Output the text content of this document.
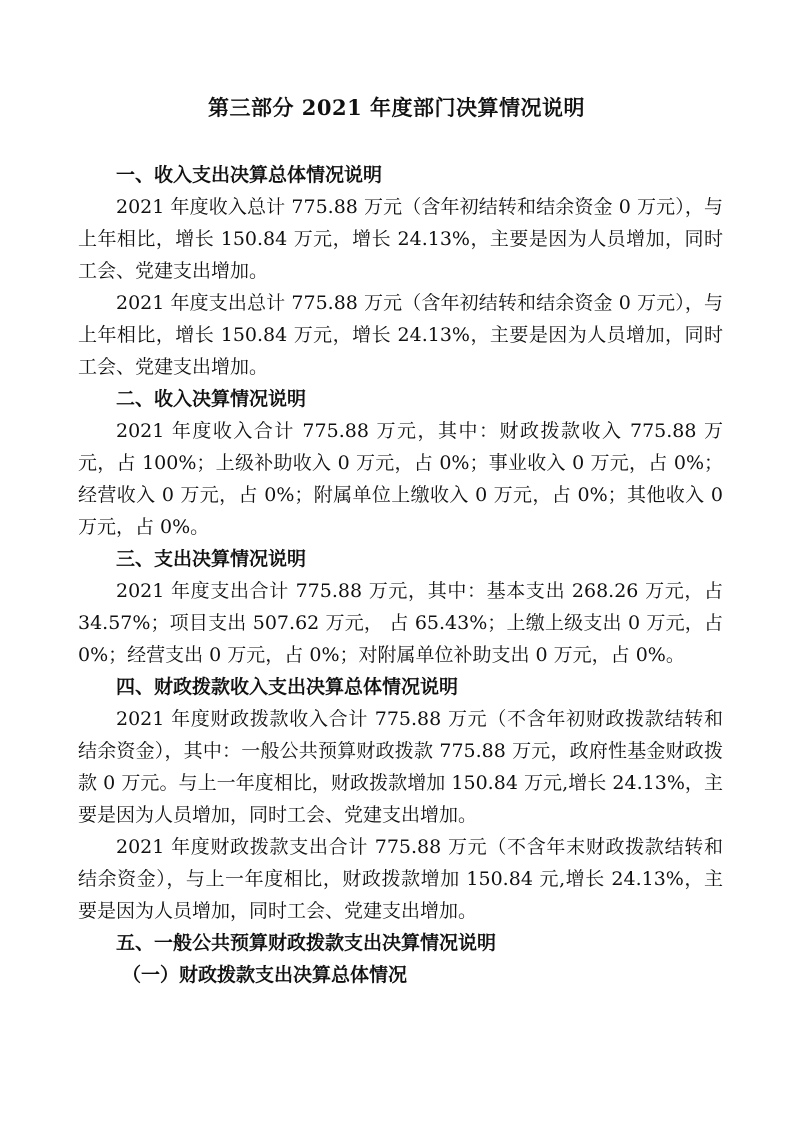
第三部分 2021 年度部门决算情况说明

一、收入支出决算总体情况说明

2021 年度收入总计 775.88 万元（含年初结转和结余资金 0 万元），与上年相比，增长 150.84 万元，增长 24.13%，主要是因为人员增加，同时工会、党建支出增加。

2021 年度支出总计 775.88 万元（含年初结转和结余资金 0 万元），与上年相比，增长 150.84 万元，增长 24.13%，主要是因为人员增加，同时工会、党建支出增加。

二、收入决算情况说明

2021 年度收入合计 775.88 万元，其中：财政拨款收入 775.88 万元，占 100%；上级补助收入 0 万元，占 0%；事业收入 0 万元，占 0%；经营收入 0 万元，占 0%；附属单位上缴收入 0 万元，占 0%；其他收入 0 万元，占 0%。

三、支出决算情况说明

2021 年度支出合计 775.88 万元，其中：基本支出 268.26 万元，占 34.57%；项目支出 507.62 万元， 占 65.43%；上缴上级支出 0 万元，占 0%；经营支出 0 万元，占 0%；对附属单位补助支出 0 万元，占 0%。

四、财政拨款收入支出决算总体情况说明

2021 年度财政拨款收入合计 775.88 万元（不含年初财政拨款结转和结余资金），其中：一般公共预算财政拨款 775.88 万元，政府性基金财政拨款 0 万元。与上一年度相比，财政拨款增加 150.84 万元,增长 24.13%，主要是因为人员增加，同时工会、党建支出增加。

2021 年度财政拨款支出合计 775.88 万元（不含年末财政拨款结转和结余资金），与上一年度相比，财政拨款增加 150.84 元,增长 24.13%，主要是因为人员增加，同时工会、党建支出增加。

五、一般公共预算财政拨款支出决算情况说明

（一）财政拨款支出决算总体情况
